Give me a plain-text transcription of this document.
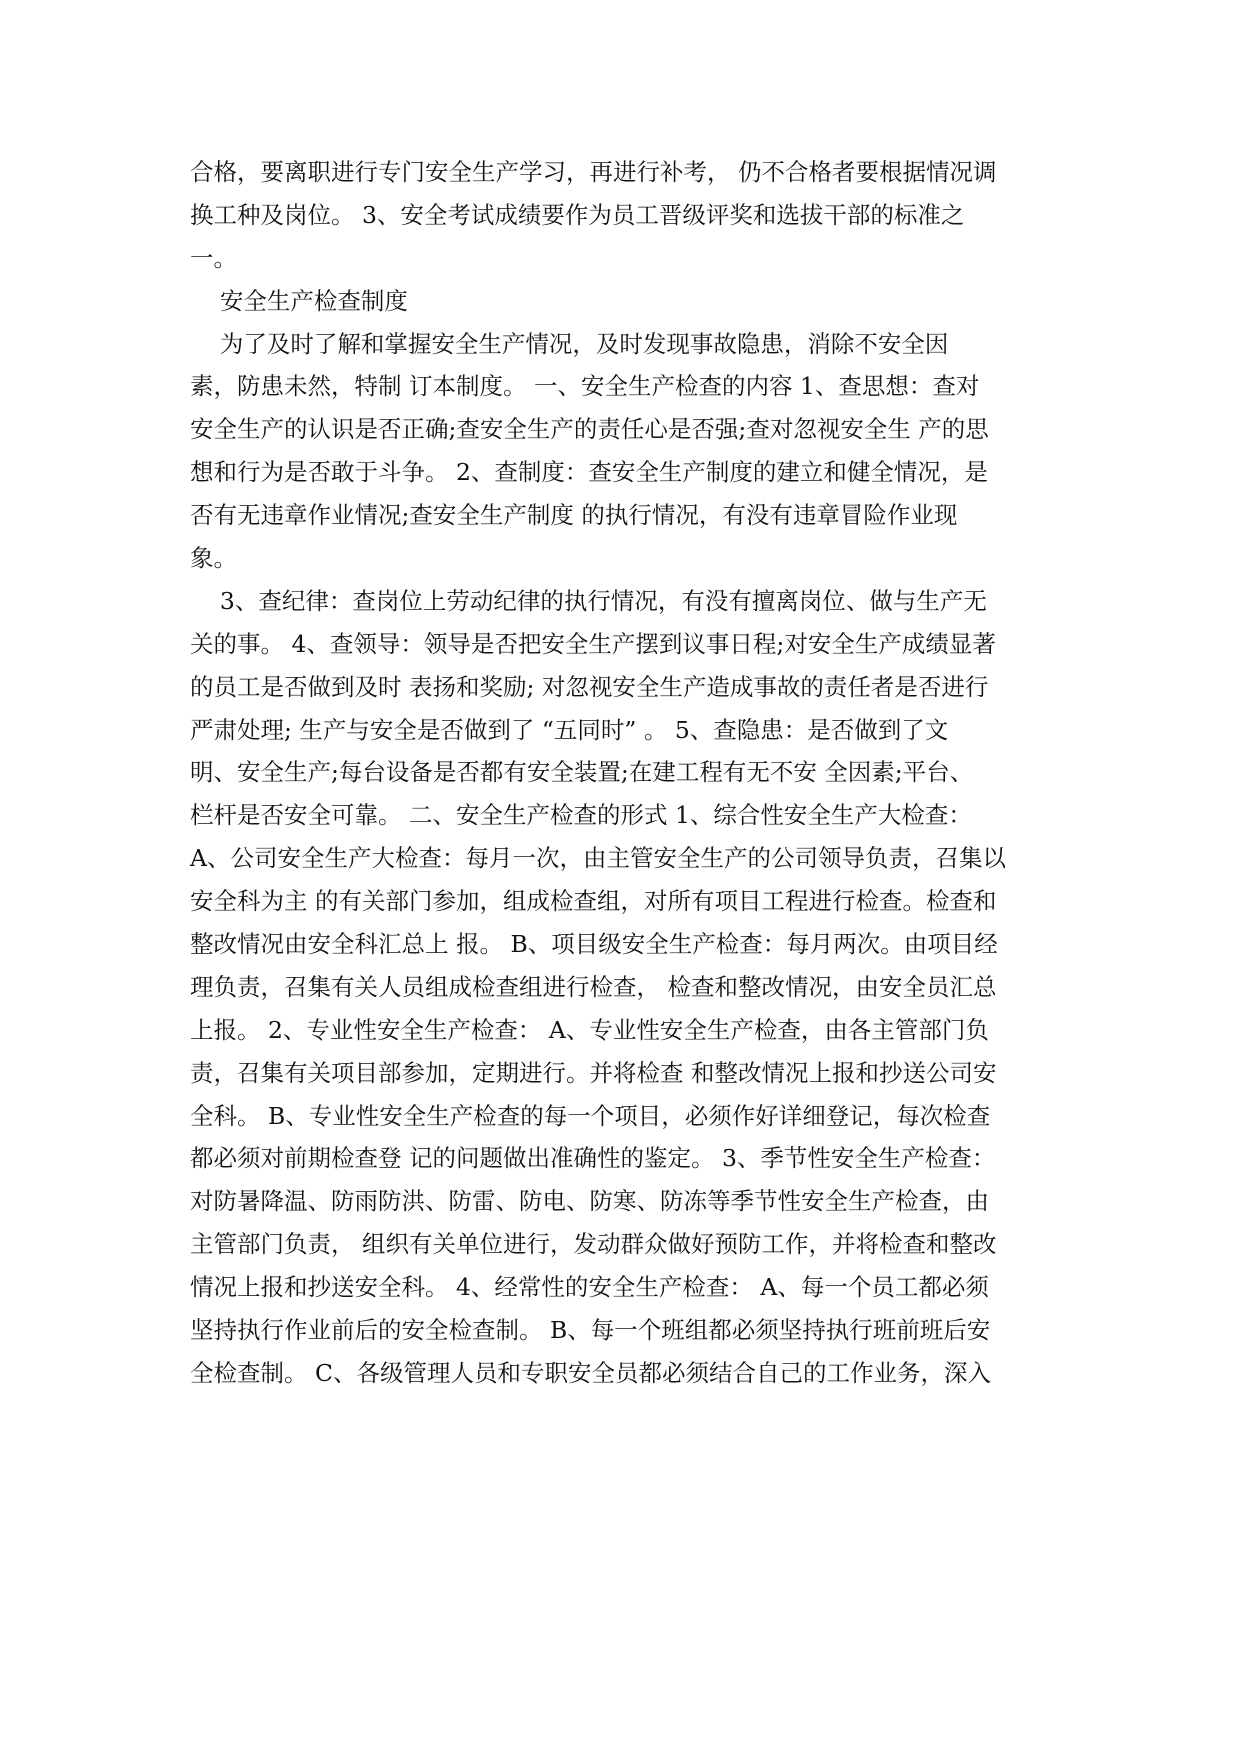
合格，要离职进行专门安全生产学习，再进行补考， 仍不合格者要根据情况调
换工种及岗位。 3、安全考试成绩要作为员工晋级评奖和选拔干部的标准之
一。
安全生产检查制度
为了及时了解和掌握安全生产情况，及时发现事故隐患，消除不安全因
素，防患未然，特制 订本制度。 一、安全生产检查的内容 1、查思想：查对
安全生产的认识是否正确;查安全生产的责任心是否强;查对忽视安全生 产的思
想和行为是否敢于斗争。 2、查制度：查安全生产制度的建立和健全情况，是
否有无违章作业情况;查安全生产制度 的执行情况，有没有违章冒险作业现
象。
3、查纪律：查岗位上劳动纪律的执行情况，有没有擅离岗位、做与生产无
关的事。 4、查领导：领导是否把安全生产摆到议事日程;对安全生产成绩显著
的员工是否做到及时 表扬和奖励; 对忽视安全生产造成事故的责任者是否进行
严肃处理; 生产与安全是否做到了 “五同时” 。 5、查隐患：是否做到了文
明、安全生产;每台设备是否都有安全装置;在建工程有无不安 全因素;平台、
栏杆是否安全可靠。 二、安全生产检查的形式 1、综合性安全生产大检查：
A、公司安全生产大检查：每月一次，由主管安全生产的公司领导负责，召集以
安全科为主 的有关部门参加，组成检查组，对所有项目工程进行检查。检查和
整改情况由安全科汇总上 报。 B、项目级安全生产检查：每月两次。由项目经
理负责，召集有关人员组成检查组进行检查， 检查和整改情况，由安全员汇总
上报。 2、专业性安全生产检查： A、专业性安全生产检查，由各主管部门负
责，召集有关项目部参加，定期进行。并将检查 和整改情况上报和抄送公司安
全科。 B、专业性安全生产检查的每一个项目，必须作好详细登记，每次检查
都必须对前期检查登 记的问题做出准确性的鉴定。 3、季节性安全生产检查：
对防暑降温、防雨防洪、防雷、防电、防寒、防冻等季节性安全生产检查，由
主管部门负责， 组织有关单位进行，发动群众做好预防工作，并将检查和整改
情况上报和抄送安全科。 4、经常性的安全生产检查： A、每一个员工都必须
坚持执行作业前后的安全检查制。 B、每一个班组都必须坚持执行班前班后安
全检查制。 C、各级管理人员和专职安全员都必须结合自己的工作业务，深入
